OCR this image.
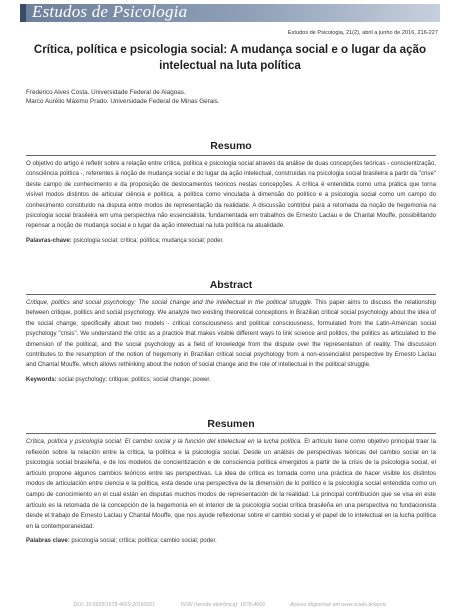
Estudos de Psicologia
Estudos de Psicologia, 21(2), abril a junho de 2016, 216-227
Crítica, política e psicologia social: A mudança social e o lugar da ação intelectual na luta política
Frederico Alves Costa. Universidade Federal de Alagoas.
Marco Aurélio Máximo Prado. Universidade Federal de Minas Gerais.
Resumo

O objetivo do artigo é refletir sobre a relação entre crítica, política e psicologia social através da análise de duas concepções teóricas - conscientização, consciência política -, referentes à noção de mudança social e do lugar da ação intelectual, construídas na psicologia social brasileira a partir da "crise" deste campo de conhecimento e da proposição de deslocamentos teóricos nestas concepções. A crítica é entendida como uma prática que torna visível modos distintos de articular ciência e política, a política como vinculada à dimensão do político e a psicologia social como um campo do conhecimento constituído na disputa entre modos de representação da realidade. A discussão contribui para a retomada da noção de hegemonia na psicologia social brasileira em uma perspectiva não essencialista, fundamentada em trabalhos de Ernesto Laclau e de Chantal Mouffe, possibilitando repensar a noção de mudança social e o lugar da ação intelectual na luta política na atualidade.

Palavras-chave: psicologia social; crítica; política; mudança social; poder.
Abstract

Critique, politics and social psychology: The social change and the intellectual in the political struggle. This paper aims to discuss the relationship between critique, politics and social psychology. We analyze two existing theoretical conceptions in Brazilian critical social psychology about the idea of the social change, specifically about two models - critical consciousness and political consciousness, formulated from the Latin-American social psychology "crisis". We understand the critic as a practice that makes visible different ways to link science and politics, the politics as articulated to the dimension of the political, and the social psychology as a field of knowledge from the dispute over the representation of reality. The discussion contributes to the resumption of the notion of hegemony in Brazilian critical social psychology from a non-essencialist perspective by Ernesto Laclau and Chantal Mouffe, which allows rethinking about the notion of social change and the role of intellectual in the political struggle.

Keywords: social psychology; critique; politics; social change; power.
Resumen

Crítica, política y psicología social: El cambio social y la función del intelectual en la lucha política. El artículo tiene como objetivo principal traer la reflexión sobre la relación entre la crítica, la política e la psicología social. Desde un análisis de perspectivas teóricas del cambio social en la psicología social brasileña, e de los modelos de concientización e de consciencia política emergidos a partir de la crisis de la psicología social, el artículo propone algunos cambios teóricos entre las perspectivas. La idea de crítica es tomada como una práctica de hacer visible los distintos modos de articulación entre ciencia e la política, esta desde una perspectiva de la dimensión de lo político e la psicología social entendida como un campo de conocimiento en el cual están en disputas muchos modos de representación de la realidad. La principal contribución que se visa en este artículo es la retomada de la concepción de la hegemonía en el interior de la psicología social crítica brasileña en una perspectiva no fundacionista desde el trabajo de Ernesto Laclau y Chantal Mouffe, que nos ayude reflexionar sobre el cambio social y el papel de lo intelectual en la lucha política en la contemporaneidad.

Palabras clave: psicología social; crítica; política; cambio social; poder.
DOI: 10.5935/1678-4669.20160021	ISSN (versão eletrônica): 1678-4669	Acervo disponível em www.scielo.br/epsic
